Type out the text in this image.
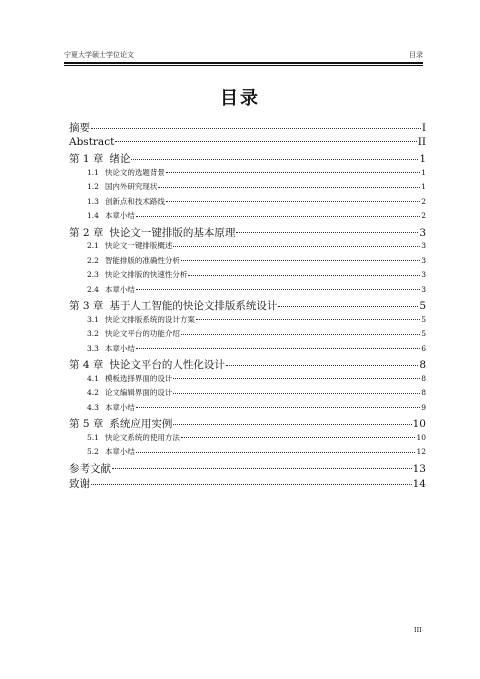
宁夏大学硕士学位论文	目录
目录
摘要	I
Abstract	II
第 1 章 绪论	1
1.1 快论文的选题背景	1
1.2 国内外研究现状	1
1.3 创新点和技术路线	2
1.4 本章小结	2
第 2 章 快论文一键排版的基本原理	3
2.1 快论文一键排版概述	3
2.2 智能排版的准确性分析	3
2.3 快论文排版的快速性分析	3
2.4 本章小结	3
第 3 章 基于人工智能的快论文排版系统设计	5
3.1 快论文排版系统的设计方案	5
3.2 快论文平台的功能介绍	5
3.3 本章小结	6
第 4 章 快论文平台的人性化设计	8
4.1 模板选择界面的设计	8
4.2 论文编辑界面的设计	8
4.3 本章小结	9
第 5 章 系统应用实例	10
5.1 快论文系统的使用方法	10
5.2 本章小结	12
参考文献	13
致谢	14
III
